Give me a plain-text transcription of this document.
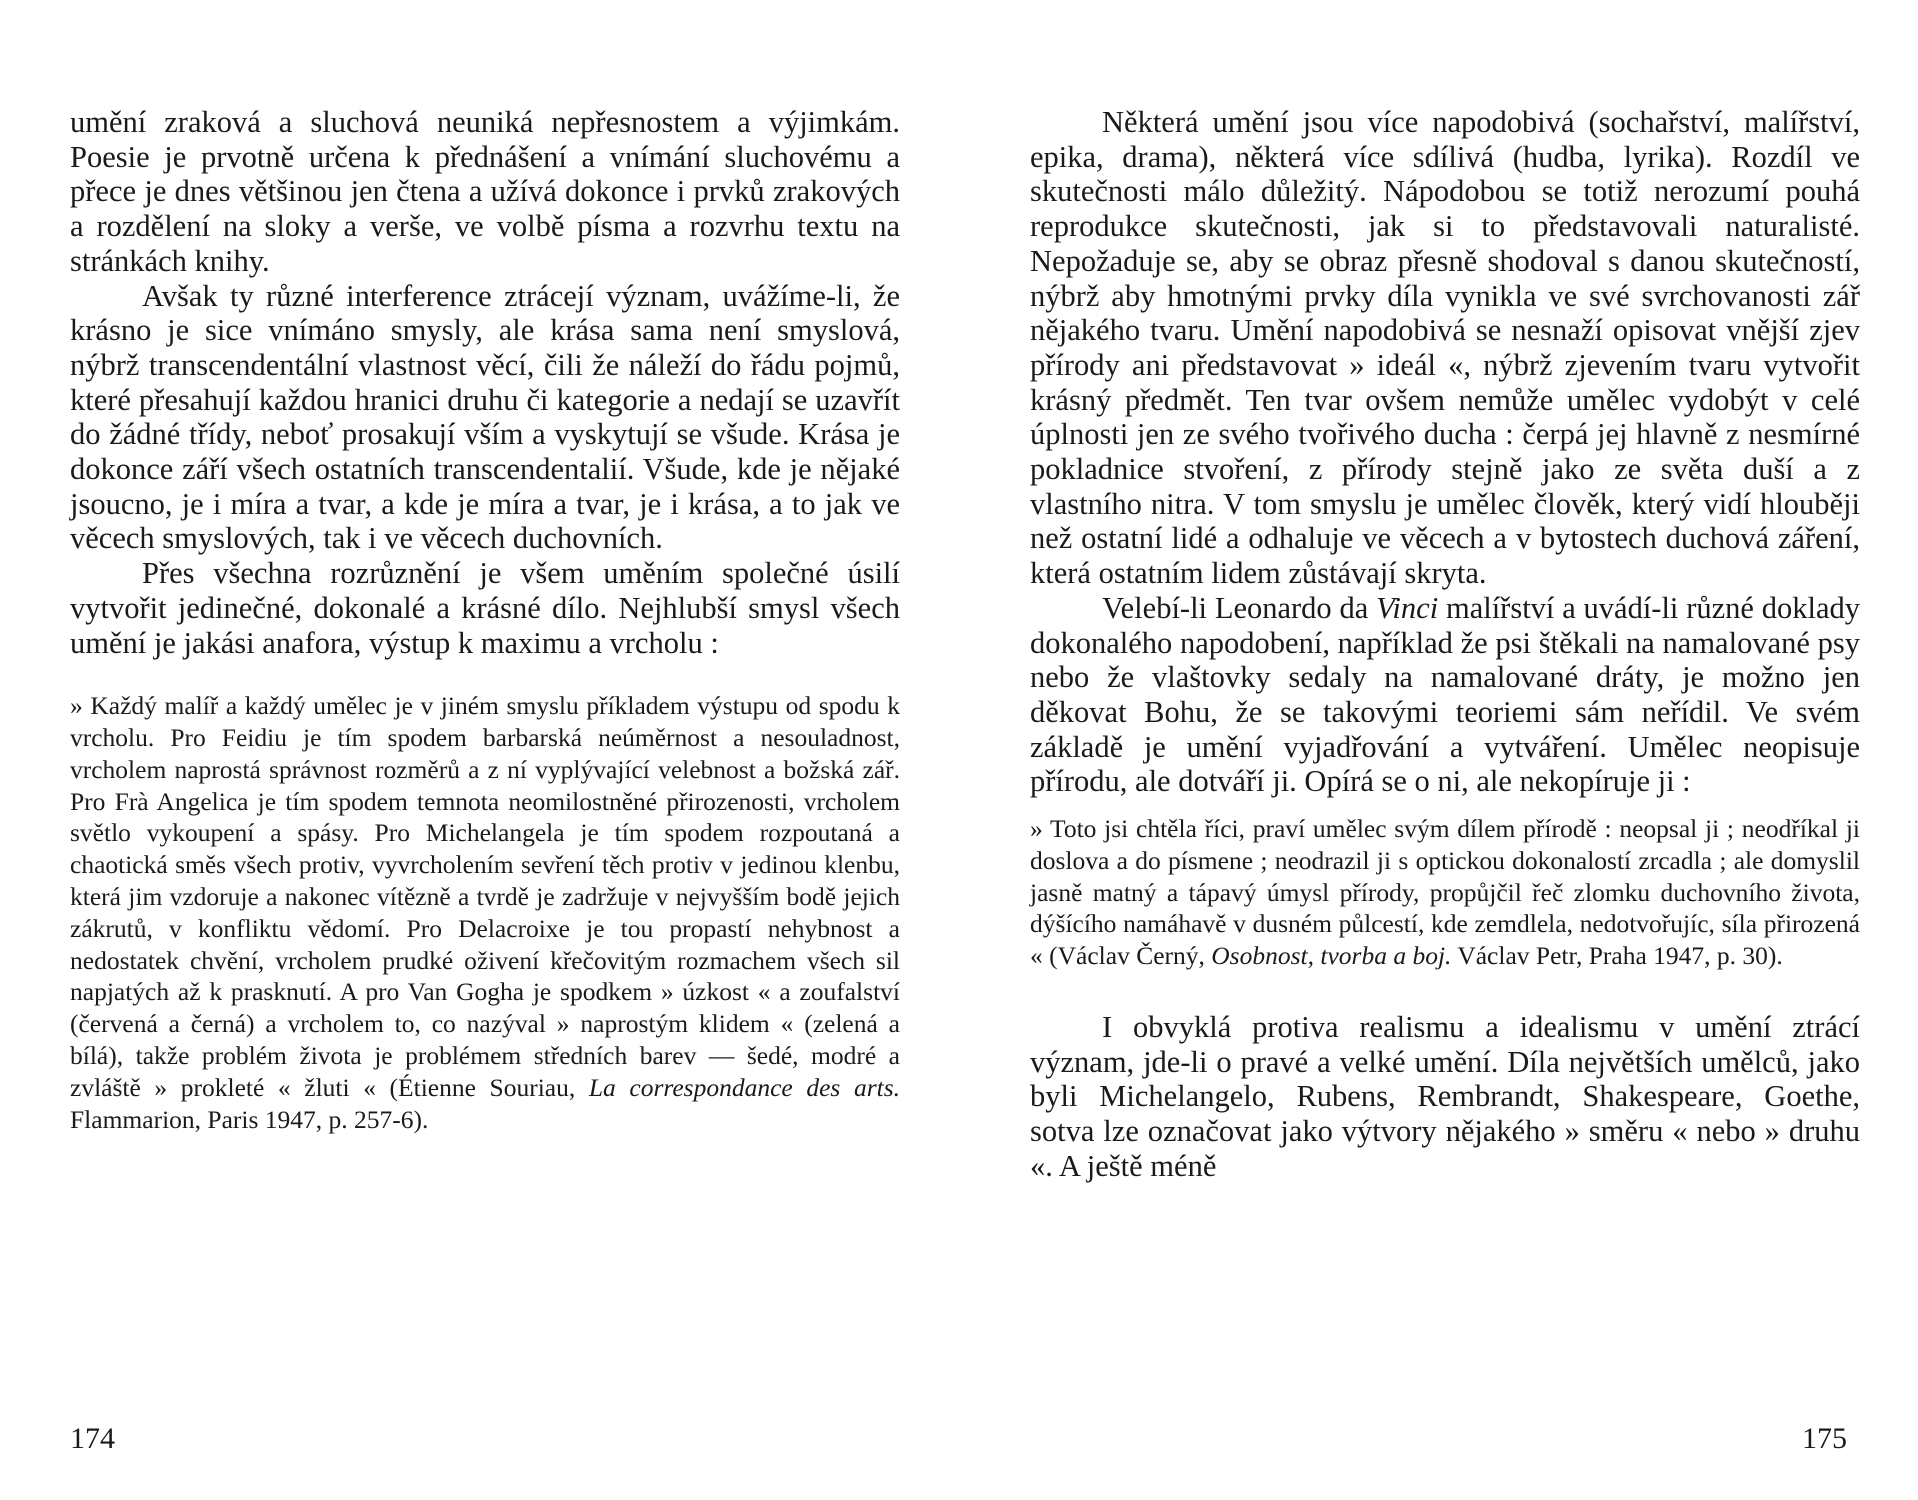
umění zraková a sluchová neuniká nepřesnostem a výjimkám. Poesie je prvotně určena k přednášení a vnímání sluchovému a přece je dnes většinou jen čtena a užívá dokonce i prvků zrakových a rozdělení na sloky a verše, ve volbě písma a rozvrhu textu na stránkách knihy.

Avšak ty různé interference ztrácejí význam, uvážíme-li, že krásno je sice vnímáno smysly, ale krása sama není smyslová, nýbrž transcendentální vlastnost věcí, čili že náleží do řádu pojmů, které přesahují každou hranici druhu či kategorie a nedají se uzavřít do žádné třídy, neboť prosakují vším a vyskytují se všude. Krása je dokonce září všech ostatních transcendentalií. Všude, kde je nějaké jsoucno, je i míra a tvar, a kde je míra a tvar, je i krása, a to jak ve věcech smyslových, tak i ve věcech duchovních.

Přes všechna rozrůznění je všem uměním společné úsilí vytvořit jedinečné, dokonalé a krásné dílo. Nejhlubší smysl všech umění je jakási anafora, výstup k maximu a vrcholu :

» Každý malíř a každý umělec je v jiném smyslu příkladem výstupu od spodu k vrcholu. Pro Feidiu je tím spodem barbarská neúměrnost a nesouladnost, vrcholem naprostá správnost rozměrů a z ní vyplývající velebnost a božská zář. Pro Frà Angelica je tím spodem temnota neomilostněné přirozenosti, vrcholem světlo vykoupení a spásy. Pro Michelangela je tím spodem rozpoutaná a chaotická směs všech protiv, vyvrcholením sevření těch protiv v jedinou klenbu, která jim vzdoruje a nakonec vítězně a tvrdě je zadržuje v nejvyšším bodě jejich zákrutů, v konfliktu vědomí. Pro Delacroixe je tou propastí nehybnost a nedostatek chvění, vrcholem prudké oživení křečovitým rozmachem všech sil napjatých až k prasknutí. A pro Van Gogha je spodkem » úzkost « a zoufalství (červená a černá) a vrcholem to, co nazýval » naprostým klidem « (zelená a bílá), takže problém života je problémem středních barev — šedé, modré a zvláště » prokleté « žluti « (Étienne Souriau, La correspondance des arts. Flammarion, Paris 1947, p. 257-6).

Některá umění jsou více napodobivá (sochařství, malířství, epika, drama), některá více sdílivá (hudba, lyrika). Rozdíl ve skutečnosti málo důležitý. Nápodobou se totiž nerozumí pouhá reprodukce skutečnosti, jak si to představovali naturalisté. Nepožaduje se, aby se obraz přesně shodoval s danou skutečností, nýbrž aby hmotnými prvky díla vynikla ve své svrchovanosti zář nějakého tvaru. Umění napodobivá se nesnaží opisovat vnější zjev přírody ani představovat » ideál «, nýbrž zjevením tvaru vytvořit krásný předmět. Ten tvar ovšem nemůže umělec vydobýt v celé úplnosti jen ze svého tvořivého ducha : čerpá jej hlavně z nesmírné pokladnice stvoření, z přírody stejně jako ze světa duší a z vlastního nitra. V tom smyslu je umělec člověk, který vidí hlouběji než ostatní lidé a odhaluje ve věcech a v bytostech duchová záření, která ostatním lidem zůstávají skryta.

Velebí-li Leonardo da Vinci malířství a uvádí-li různé doklady dokonalého napodobení, například že psi štěkali na namalované psy nebo že vlaštovky sedaly na namalované dráty, je možno jen děkovat Bohu, že se takovými teoriemi sám neřídil. Ve svém základě je umění vyjadřování a vytváření. Umělec neopisuje přírodu, ale dotváří ji. Opírá se o ni, ale nekopíruje ji :

» Toto jsi chtěla říci, praví umělec svým dílem přírodě : neopsal ji ; neodříkal ji doslova a do písmene ; neodrazil ji s optickou dokonalostí zrcadla ; ale domyslil jasně matný a tápavý úmysl přírody, propůjčil řeč zlomku duchovního života, dýšícího namáhavě v dusném půlcestí, kde zemdlela, nedotvořujíc, síla přirozená « (Václav Černý, Osobnost, tvorba a boj. Václav Petr, Praha 1947, p. 30).

I obvyklá protiva realismu a idealismu v umění ztrácí význam, jde-li o pravé a velké umění. Díla největších umělců, jako byli Michelangelo, Rubens, Rembrandt, Shakespeare, Goethe, sotva lze označovat jako výtvory nějakého » směru « nebo » druhu «. A ještě méně

174	175
